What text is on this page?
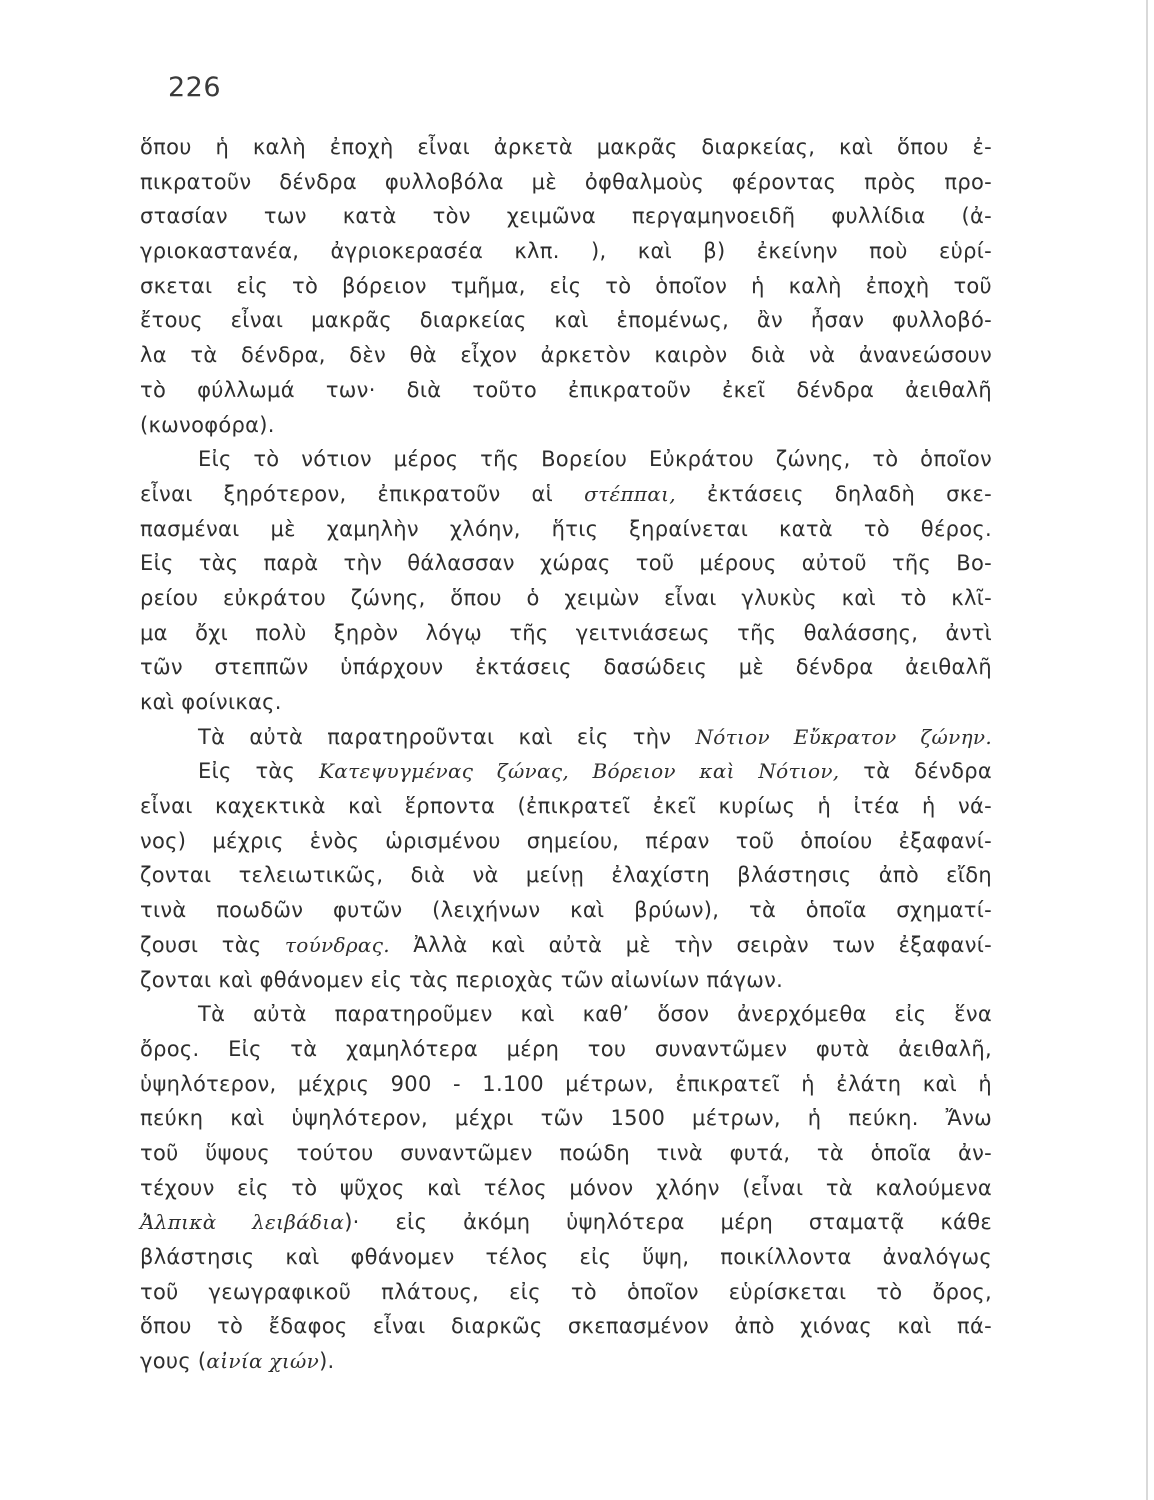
226
ὅπου ἡ καλὴ ἐποχὴ εἶναι ἀρκετὰ μακρᾶς διαρκείας, καὶ ὅπου ἐ-
πικρατοῦν δένδρα φυλλοβόλα μὲ ὀφθαλμοὺς φέροντας πρὸς προ-
στασίαν των κατὰ τὸν χειμῶνα περγαμηνοειδῆ φυλλίδια (ἀ-
γριοκαστανέα, ἀγριοκερασέα κλπ. ), καὶ β) ἐκείνην ποὺ εὑρί-
σκεται εἰς τὸ βόρειον τμῆμα, εἰς τὸ ὁποῖον ἡ καλὴ ἐποχὴ τοῦ
ἔτους εἶναι μακρᾶς διαρκείας καὶ ἑπομένως, ἂν ἦσαν φυλλοβό-
λα τὰ δένδρα, δὲν θὰ εἶχον ἀρκετὸν καιρὸν διὰ νὰ ἀνανεώσουν
τὸ φύλλωμά των· διὰ τοῦτο ἐπικρατοῦν ἐκεῖ δένδρα ἀειθαλῆ
(κωνοφόρα).
Εἰς τὸ νότιον μέρος τῆς Βορείου Εὐκράτου ζώνης, τὸ ὁποῖον
εἶναι ξηρότερον, ἐπικρατοῦν αἱ στέππαι, ἐκτάσεις δηλαδὴ σκε-
πασμέναι μὲ χαμηλὴν χλόην, ἥτις ξηραίνεται κατὰ τὸ θέρος.
Εἰς τὰς παρὰ τὴν θάλασσαν χώρας τοῦ μέρους αὐτοῦ τῆς Βο-
ρείου εὐκράτου ζώνης, ὅπου ὁ χειμὼν εἶναι γλυκὺς καὶ τὸ κλῖ-
μα ὄχι πολὺ ξηρὸν λόγῳ τῆς γειτνιάσεως τῆς θαλάσσης, ἀντὶ
τῶν στεππῶν ὑπάρχουν ἐκτάσεις δασώδεις μὲ δένδρα ἀειθαλῆ
καὶ φοίνικας.
Τὰ αὐτὰ παρατηροῦνται καὶ εἰς τὴν Νότιον Εὔκρατον ζώνην.
Εἰς τὰς Κατεψυγμένας ζώνας, Βόρειον καὶ Νότιον, τὰ δένδρα
εἶναι καχεκτικὰ καὶ ἕρποντα (ἐπικρατεῖ ἐκεῖ κυρίως ἡ ἰτέα ἡ νά-
νος) μέχρις ἑνὸς ὡρισμένου σημείου, πέραν τοῦ ὁποίου ἐξαφανί-
ζονται τελειωτικῶς, διὰ νὰ μείνῃ ἐλαχίστη βλάστησις ἀπὸ εἴδη
τινὰ ποωδῶν φυτῶν (λειχήνων καὶ βρύων), τὰ ὁποῖα σχηματί-
ζουσι τὰς τούνδρας. Ἀλλὰ καὶ αὐτὰ μὲ τὴν σειρὰν των ἐξαφανί-
ζονται καὶ φθάνομεν εἰς τὰς περιοχὰς τῶν αἰωνίων πάγων.
Τὰ αὐτὰ παρατηροῦμεν καὶ καθ’ ὅσον ἀνερχόμεθα εἰς ἕνα
ὄρος. Εἰς τὰ χαμηλότερα μέρη του συναντῶμεν φυτὰ ἀειθαλῆ,
ὑψηλότερον, μέχρις 900 - 1.100 μέτρων, ἐπικρατεῖ ἡ ἐλάτη καὶ ἡ
πεύκη καὶ ὑψηλότερον, μέχρι τῶν 1500 μέτρων, ἡ πεύκη. Ἄνω
τοῦ ὕψους τούτου συναντῶμεν ποώδη τινὰ φυτά, τὰ ὁποῖα ἀν-
τέχουν εἰς τὸ ψῦχος καὶ τέλος μόνον χλόην (εἶναι τὰ καλούμενα
Ἀλπικὰ λειβάδια)· εἰς ἀκόμη ὑψηλότερα μέρη σταματᾷ κάθε
βλάστησις καὶ φθάνομεν τέλος εἰς ὕψη, ποικίλλοντα ἀναλόγως
τοῦ γεωγραφικοῦ πλάτους, εἰς τὸ ὁποῖον εὑρίσκεται τὸ ὄρος,
ὅπου τὸ ἔδαφος εἶναι διαρκῶς σκεπασμένον ἀπὸ χιόνας καὶ πά-
γους (αἰνία χιών).
